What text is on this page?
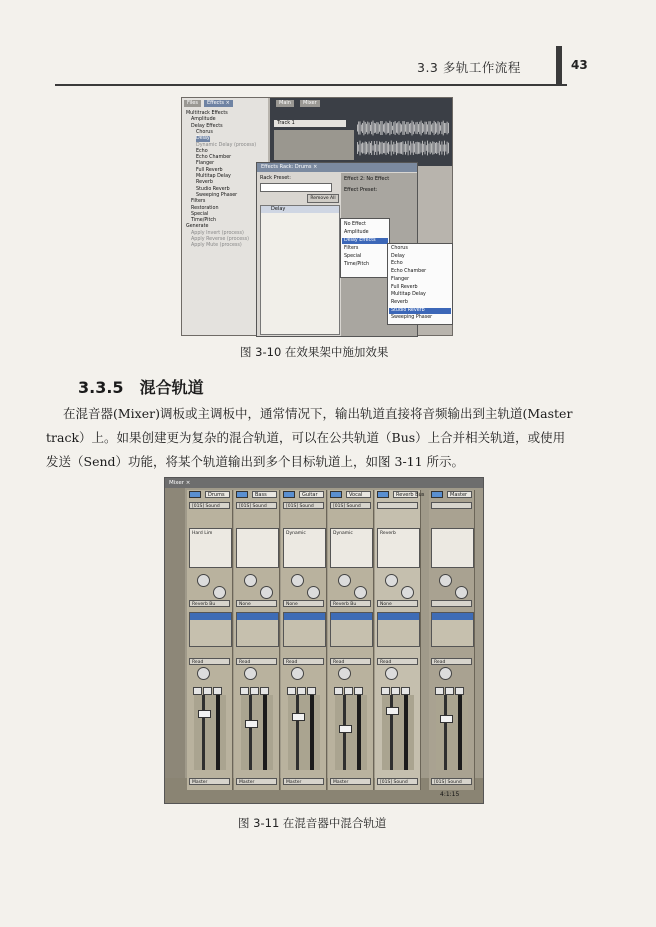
3.3 多轨工作流程	43
Files	Effects ×
Multitrack Effects
Amplitude
Delay Effects
Chorus
Delay
Dynamic Delay (process)
Echo
Echo Chamber
Flanger
Full Reverb
Multitap Delay
Reverb
Studio Reverb
Sweeping Phaser
Filters
Restoration
Special
Time/Pitch
Generate
Apply Invert (process)
Apply Reverse (process)
Apply Mute (process)
Main	Mixer
Track 1
Effects Rack: Drums ×
Rack Preset:
Remove All
Delay
Effect 2: No Effect
Effect Preset:
No Effect
Amplitude
Delay Effects
Filters
Special
Time/Pitch
Chorus
Delay
Echo
Echo Chamber
Flanger
Full Reverb
Multitap Delay
Reverb
Studio Reverb
Sweeping Phaser
图 3-10 在效果架中施加效果
3.3.5 混合轨道
在混音器(Mixer)调板或主调板中，通常情况下，输出轨道直接将音频输出到主轨道(Master
track）上。如果创建更为复杂的混合轨道，可以在公共轨道（Bus）上合并相关轨道，或使用
发送（Send）功能，将某个轨道输出到多个目标轨道上，如图 3-11 所示。
Mixer ×
Drums
[01S] Sound
Hard Lim
Reverb Bu
Read
Master
Bass
[01S] Sound
None
Read
Master
Guitar
[01S] Sound
Dynamic
None
Read
Master
Vocal
[01S] Sound
Dynamic
Reverb Bu
Read
Master
Reverb Bus
Reverb
None
Read
[01S] Sound
Master
Read
[01S] Sound
4:1:15
图 3-11 在混音器中混合轨道
